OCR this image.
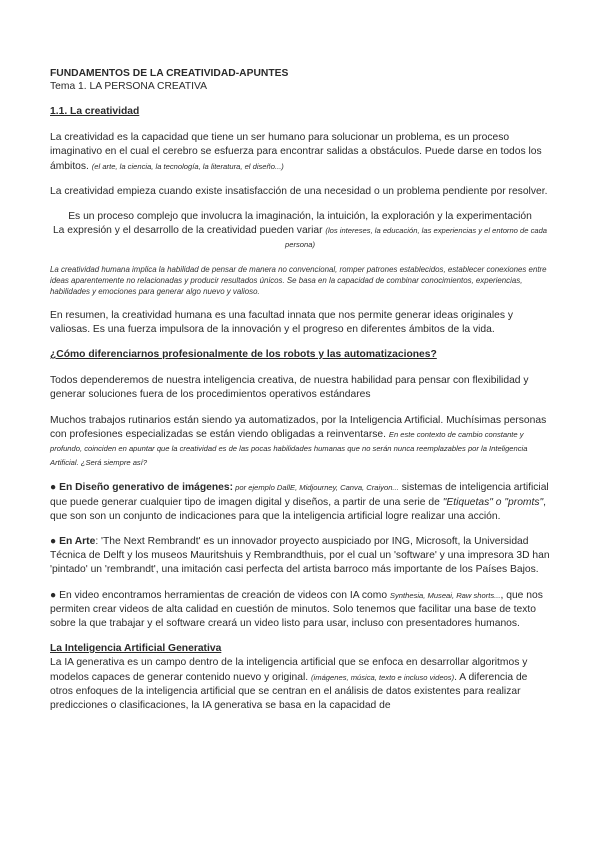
FUNDAMENTOS DE LA CREATIVIDAD-APUNTES

Tema 1. LA PERSONA CREATIVA

1.1. La creatividad

La creatividad es la capacidad que tiene un ser humano para solucionar un problema, es un proceso imaginativo en el cual el cerebro se esfuerza para encontrar salidas a obstáculos. Puede darse en todos los ámbitos. (el arte, la ciencia, la tecnología, la literatura, el diseño...)

La creatividad empieza cuando existe insatisfacción de una necesidad o un problema pendiente por resolver.

Es un proceso complejo que involucra la imaginación, la intuición, la exploración y la experimentación

La expresión y el desarrollo de la creatividad pueden variar (los intereses, la educación, las experiencias y el entorno de cada persona)

La creatividad humana implica la habilidad de pensar de manera no convencional, romper patrones establecidos, establecer conexiones entre ideas aparentemente no relacionadas y producir resultados únicos. Se basa en la capacidad de combinar conocimientos, experiencias, habilidades y emociones para generar algo nuevo y valioso.

En resumen, la creatividad humana es una facultad innata que nos permite generar ideas originales y valiosas. Es una fuerza impulsora de la innovación y el progreso en diferentes ámbitos de la vida.

¿Cómo diferenciarnos profesionalmente de los robots y las automatizaciones?

Todos dependeremos de nuestra inteligencia creativa, de nuestra habilidad para pensar con flexibilidad y generar soluciones fuera de los procedimientos operativos estándares

Muchos trabajos rutinarios están siendo ya automatizados, por la Inteligencia Artificial. Muchísimas personas con profesiones especializadas se están viendo obligadas a reinventarse. En este contexto de cambio constante y profundo, coinciden en apuntar que la creatividad es de las pocas habilidades humanas que no serán nunca reemplazables por la Inteligencia Artificial. ¿Será siempre así?

● En Diseño generativo de imágenes: por ejemplo DallE, Midjourney, Canva, Craiyon... sistemas de inteligencia artificial que puede generar cualquier tipo de imagen digital y diseños, a partir de una serie de "Etiquetas" o "promts", que son son un conjunto de indicaciones para que la inteligencia artificial logre realizar una acción.

● En Arte: 'The Next Rembrandt' es un innovador proyecto auspiciado por ING, Microsoft, la Universidad Técnica de Delft y los museos Mauritshuis y Rembrandthuis, por el cual un 'software' y una impresora 3D han 'pintado' un 'rembrandt', una imitación casi perfecta del artista barroco más importante de los Países Bajos.

● En video encontramos herramientas de creación de videos con IA como Synthesia, Museai, Raw shorts..., que nos permiten crear videos de alta calidad en cuestión de minutos. Solo tenemos que facilitar una base de texto sobre la que trabajar y el software creará un video listo para usar, incluso con presentadores humanos.

La Inteligencia Artificial Generativa

La IA generativa es un campo dentro de la inteligencia artificial que se enfoca en desarrollar algoritmos y modelos capaces de generar contenido nuevo y original. (imágenes, música, texto e incluso videos). A diferencia de otros enfoques de la inteligencia artificial que se centran en el análisis de datos existentes para realizar predicciones o clasificaciones, la IA generativa se basa en la capacidad de
